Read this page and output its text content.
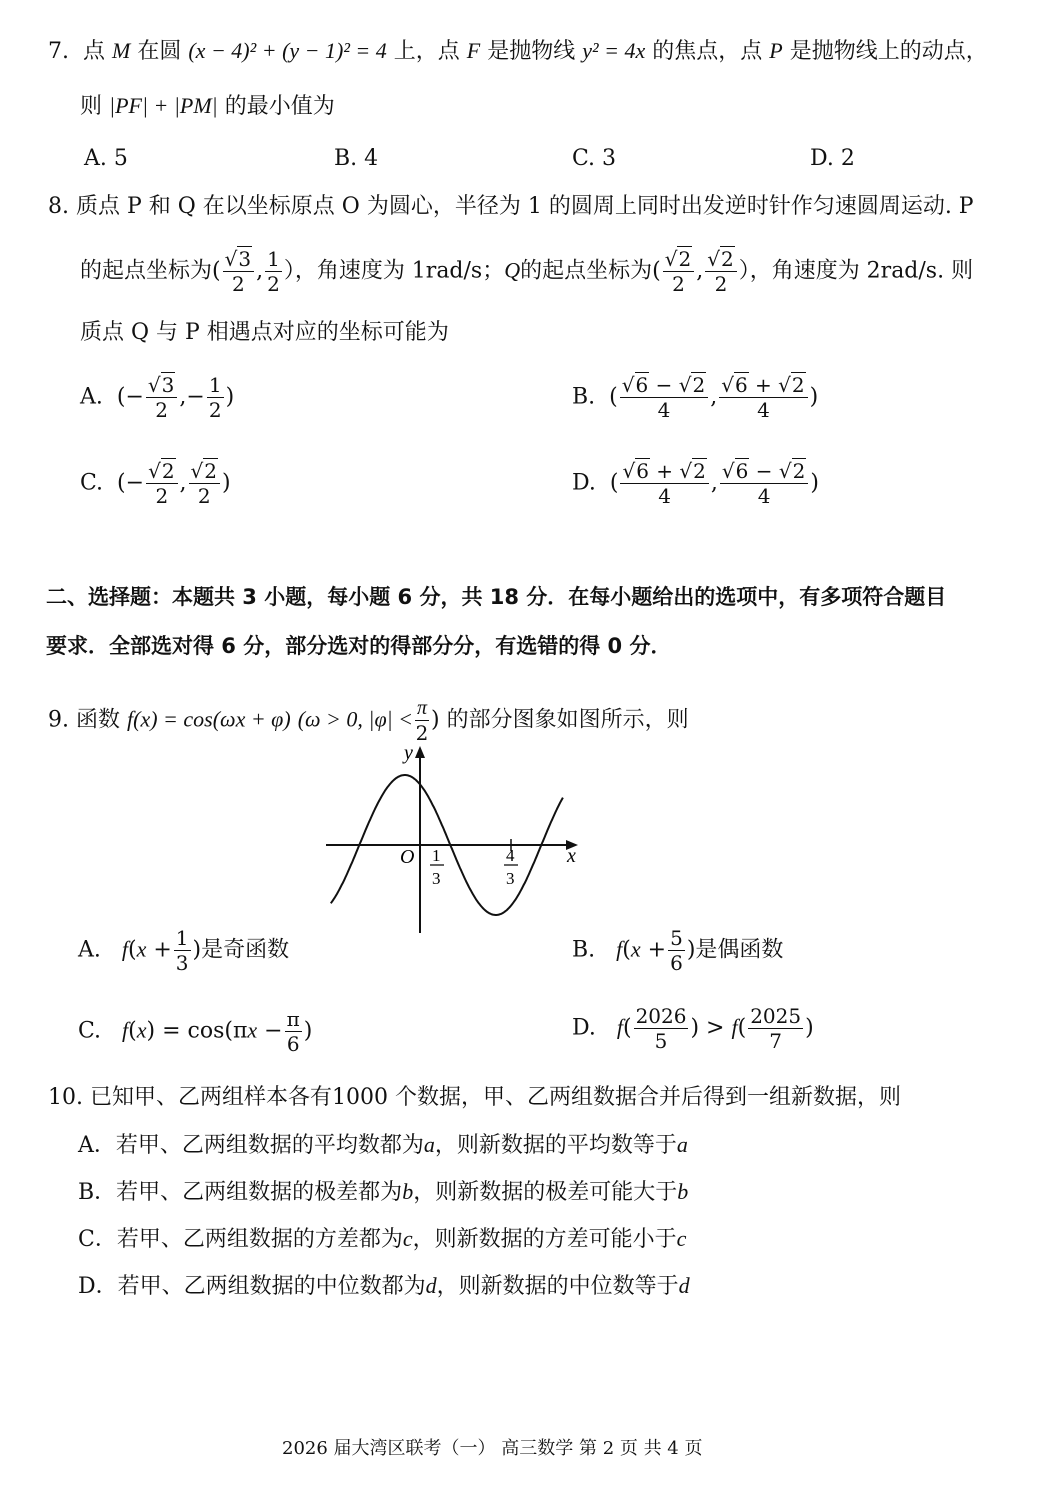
7. 点 M 在圆 (x − 4)² + (y − 1)² = 4 上，点 F 是抛物线 y² = 4x 的焦点，点 P 是抛物线上的动点，
则 |PF| + |PM| 的最小值为
A. 5	B. 4	C. 3	D. 2
8. 质点 P 和 Q 在以坐标原点 O 为圆心，半径为 1 的圆周上同时出发逆时针作匀速圆周运动. P
的起点坐标为( $\frac{√3}{2}$ , $\frac{1}{2}$ ），角速度为 1rad/s；Q的起点坐标为( $\frac{√2}{2}$ , $\frac{√2}{2}$ ），角速度为 2rad/s. 则
质点 Q 与 P 相遇点对应的坐标可能为
A.  (− $\frac{√3}{2}$ ,− $\frac{1}{2}$ )	B.  ( $\frac{√6 - √2}{4}$ , $\frac{√6 + √2}{4}$ )
C.  (− $\frac{√2}{2}$ , $\frac{√2}{2}$ )	D.  ( $\frac{√6 + √2}{4}$ , $\frac{√6 - √2}{4}$ )
二、选择题：本题共 3 小题，每小题 6 分，共 18 分．在每小题给出的选项中，有多项符合题目
要求．全部选对得 6 分，部分选对的得部分分，有选错的得 0 分．
9. 函数 f(x) = cos(ωx + φ) (ω > 0, $|\varphi| < \frac{\pi}{2}$ ) 的部分图象如图所示，则
y
x
O 1
3
4
3
A. $f(x + \frac{1}{3}$ )是奇函数	B. $f(x + \frac{5}{6}$ )是偶函数
C. $f(x) = \cos(\pi x - \frac{\pi}{6}$ )	D. $f( \frac{2026}{5}$ ) > $f( \frac{2025}{7}$ )
10. 已知甲、乙两组样本各有1000 个数据，甲、乙两组数据合并后得到一组新数据，则
A．若甲、乙两组数据的平均数都为a，则新数据的平均数等于a
B．若甲、乙两组数据的极差都为b，则新数据的极差可能大于b
C．若甲、乙两组数据的方差都为c，则新数据的方差可能小于c
D．若甲、乙两组数据的中位数都为d，则新数据的中位数等于d
2026 届大湾区联考（一） 高三数学 第 2 页 共 4 页
